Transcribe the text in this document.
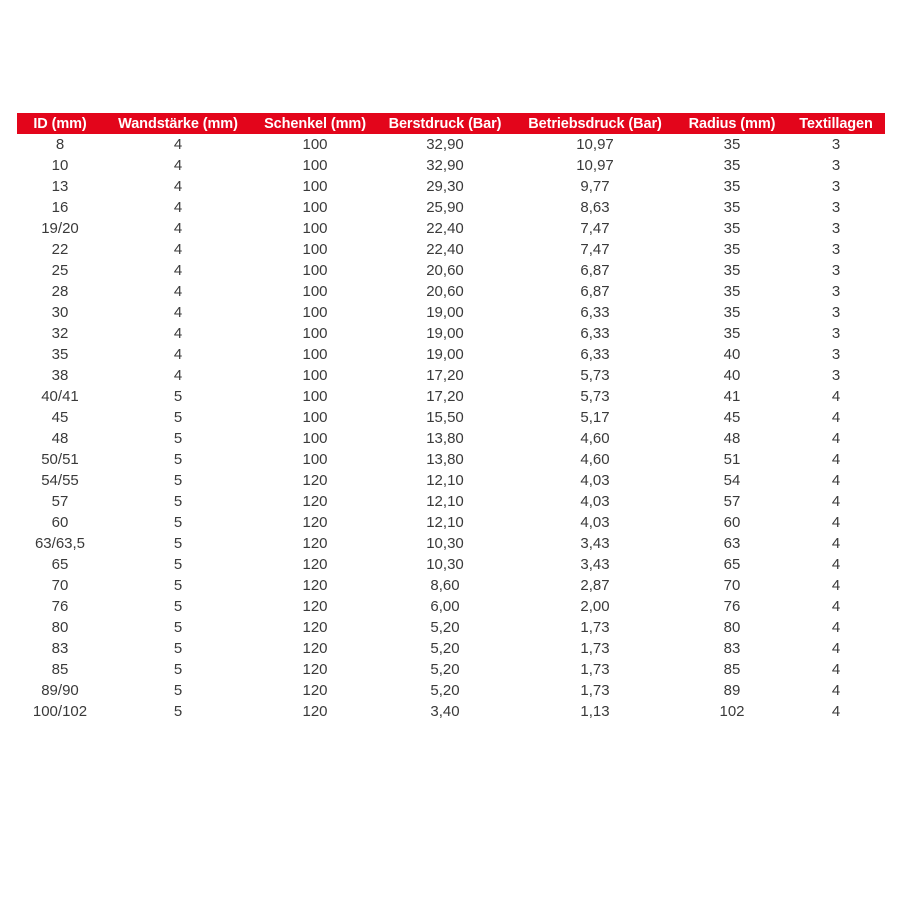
ID (mm)	Wandstärke (mm)	Schenkel (mm)	Berstdruck (Bar)	Betriebsdruck (Bar)	Radius (mm)	Textillagen
8	4	100	32,90	10,97	35	3
10	4	100	32,90	10,97	35	3
13	4	100	29,30	9,77	35	3
16	4	100	25,90	8,63	35	3
19/20	4	100	22,40	7,47	35	3
22	4	100	22,40	7,47	35	3
25	4	100	20,60	6,87	35	3
28	4	100	20,60	6,87	35	3
30	4	100	19,00	6,33	35	3
32	4	100	19,00	6,33	35	3
35	4	100	19,00	6,33	40	3
38	4	100	17,20	5,73	40	3
40/41	5	100	17,20	5,73	41	4
45	5	100	15,50	5,17	45	4
48	5	100	13,80	4,60	48	4
50/51	5	100	13,80	4,60	51	4
54/55	5	120	12,10	4,03	54	4
57	5	120	12,10	4,03	57	4
60	5	120	12,10	4,03	60	4
63/63,5	5	120	10,30	3,43	63	4
65	5	120	10,30	3,43	65	4
70	5	120	8,60	2,87	70	4
76	5	120	6,00	2,00	76	4
80	5	120	5,20	1,73	80	4
83	5	120	5,20	1,73	83	4
85	5	120	5,20	1,73	85	4
89/90	5	120	5,20	1,73	89	4
100/102	5	120	3,40	1,13	102	4
